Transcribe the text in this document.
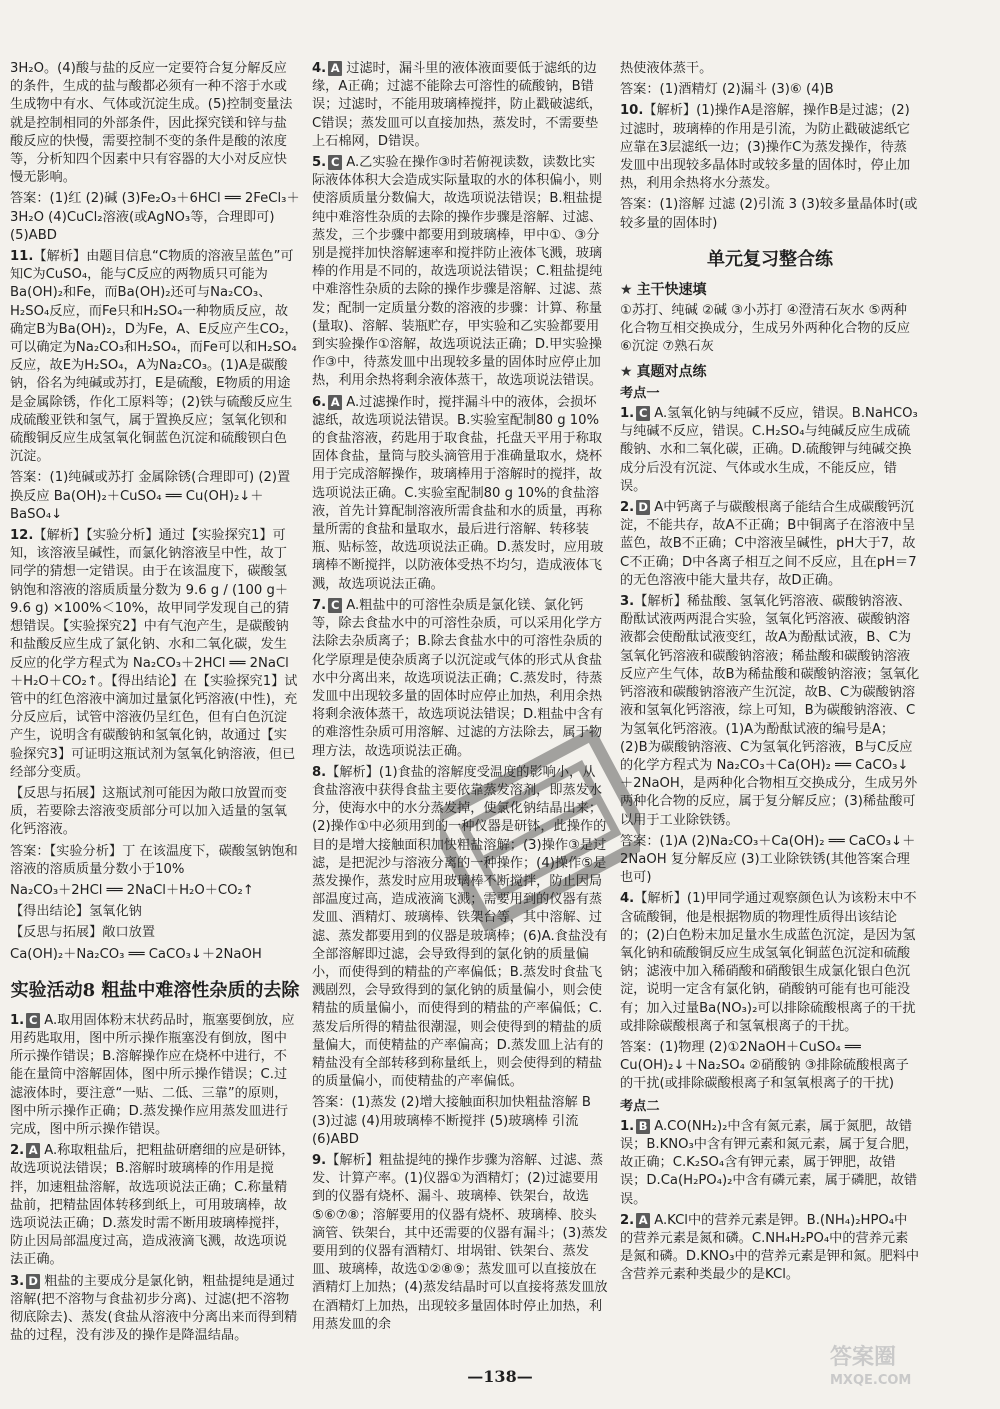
3H₂O。(4)酸与盐的反应一定要符合复分解反应的条件，生成的盐与酸都必须有一种不溶于水或生成物中有水、气体或沉淀生成。(5)控制变量法就是控制相同的外部条件，因此探究镁和锌与盐酸反应的快慢，需要控制不变的条件是酸的浓度等，分析知四个因素中只有容器的大小对反应快慢无影响。
答案：(1)红 (2)碱 (3)Fe₂O₃＋6HCl ══ 2FeCl₃＋3H₂O (4)CuCl₂溶液(或AgNO₃等，合理即可) (5)ABD
11.【解析】由题目信息“C物质的溶液呈蓝色”可知C为CuSO₄，能与C反应的两物质只可能为Ba(OH)₂和Fe，而Ba(OH)₂还可与Na₂CO₃、H₂SO₄反应，而Fe只和H₂SO₄一种物质反应，故确定B为Ba(OH)₂，D为Fe，A、E反应产生CO₂，可以确定为Na₂CO₃和H₂SO₄，而Fe可以和H₂SO₄反应，故E为H₂SO₄，A为Na₂CO₃。(1)A是碳酸钠，俗名为纯碱或苏打，E是硫酸，E物质的用途是金属除锈，作化工原料等；(2)铁与硫酸反应生成硫酸亚铁和氢气，属于置换反应；氢氧化钡和硫酸铜反应生成氢氧化铜蓝色沉淀和硫酸钡白色沉淀。
答案：(1)纯碱或苏打 金属除锈(合理即可) (2)置换反应 Ba(OH)₂＋CuSO₄ ══ Cu(OH)₂↓＋BaSO₄↓
12.【解析】【实验分析】通过【实验探究1】可知，该溶液呈碱性，而氯化钠溶液呈中性，故丁同学的猜想一定错误。由于在该温度下，碳酸氢钠饱和溶液的溶质质量分数为 9.6 g / (100 g＋9.6 g) ×100%＜10%，故甲同学发现自己的猜想错误。【实验探究2】中有气泡产生，是碳酸钠和盐酸反应生成了氯化钠、水和二氧化碳，发生反应的化学方程式为 Na₂CO₃＋2HCl ══ 2NaCl＋H₂O＋CO₂↑。【得出结论】在【实验探究1】试管中的红色溶液中滴加过量氯化钙溶液(中性)，充分反应后，试管中溶液仍呈红色，但有白色沉淀产生，说明含有碳酸钠和氢氧化钠，故通过【实验探究3】可证明这瓶试剂为氢氧化钠溶液，但已经部分变质。
【反思与拓展】这瓶试剂可能因为敞口放置而变质，若要除去溶液变质部分可以加入适量的氢氧化钙溶液。
答案：【实验分析】丁 在该温度下，碳酸氢钠饱和溶液的溶质质量分数小于10%
Na₂CO₃＋2HCl ══ 2NaCl＋H₂O＋CO₂↑
【得出结论】氢氧化钠
【反思与拓展】敞口放置
Ca(OH)₂＋Na₂CO₃ ══ CaCO₃↓＋2NaOH
实验活动8 粗盐中难溶性杂质的去除
1. C A.取用固体粉末状药品时，瓶塞要倒放，应用药匙取用，图中所示操作瓶塞没有倒放，图中所示操作错误；B.溶解操作应在烧杯中进行，不能在量筒中溶解固体，图中所示操作错误；C.过滤液体时，要注意“一贴、二低、三靠”的原则，图中所示操作正确；D.蒸发操作应用蒸发皿进行完成，图中所示操作错误。
2. A A.称取粗盐后，把粗盐研磨细的应是研钵，故选项说法错误；B.溶解时玻璃棒的作用是搅拌，加速粗盐溶解，故选项说法正确；C.称量精盐前，把精盐固体转移到纸上，可用玻璃棒，故选项说法正确；D.蒸发时需不断用玻璃棒搅拌，防止因局部温度过高，造成液滴飞溅，故选项说法正确。
3. D 粗盐的主要成分是氯化钠，粗盐提纯是通过溶解(把不溶物与食盐初步分离)、过滤(把不溶物彻底除去)、蒸发(食盐从溶液中分离出来而得到精盐的过程，没有涉及的操作是降温结晶。
4. A 过滤时，漏斗里的液体液面要低于滤纸的边缘，A正确；过滤不能除去可溶性的硫酸钠，B错误；过滤时，不能用玻璃棒搅拌，防止戳破滤纸，C错误；蒸发皿可以直接加热，蒸发时，不需要垫上石棉网，D错误。
5. C A.乙实验在操作③时若俯视读数，读数比实际液体体积大会造成实际量取的水的体积偏小，则使溶质质量分数偏大，故选项说法错误；B.粗盐提纯中难溶性杂质的去除的操作步骤是溶解、过滤、蒸发，三个步骤中都要用到玻璃棒，甲中①、③分别是搅拌加快溶解速率和搅拌防止液体飞溅，玻璃棒的作用是不同的，故选项说法错误；C.粗盐提纯中难溶性杂质的去除的操作步骤是溶解、过滤、蒸发；配制一定质量分数的溶液的步骤：计算、称量(量取)、溶解、装瓶贮存，甲实验和乙实验都要用到实验操作①溶解，故选项说法正确；D.甲实验操作③中，待蒸发皿中出现较多量的固体时应停止加热，利用余热将剩余液体蒸干，故选项说法错误。
6. A A.过滤操作时，搅拌漏斗中的液体，会损坏滤纸，故选项说法错误。B.实验室配制80 g 10%的食盐溶液，药匙用于取食盐，托盘天平用于称取固体食盐，量筒与胶头滴管用于准确量取水，烧杯用于完成溶解操作，玻璃棒用于溶解时的搅拌，故选项说法正确。C.实验室配制80 g 10%的食盐溶液，首先计算配制溶液所需食盐和水的质量，再称量所需的食盐和量取水，最后进行溶解、转移装瓶、贴标签，故选项说法正确。D.蒸发时，应用玻璃棒不断搅拌，以防液体受热不均匀，造成液体飞溅，故选项说法正确。
7. C A.粗盐中的可溶性杂质是氯化镁、氯化钙等，除去食盐水中的可溶性杂质，可以采用化学方法除去杂质离子；B.除去食盐水中的可溶性杂质的化学原理是使杂质离子以沉淀或气体的形式从食盐水中分离出来，故选项说法正确；C.蒸发时，待蒸发皿中出现较多量的固体时应停止加热，利用余热将剩余液体蒸干，故选项说法错误；D.粗盐中含有的难溶性杂质可用溶解、过滤的方法除去，属于物理方法，故选项说法正确。
8.【解析】(1)食盐的溶解度受温度的影响小，从食盐溶液中获得食盐主要依靠蒸发溶剂，即蒸发水分，使海水中的水分蒸发掉，使氯化钠结晶出来；(2)操作①中必须用到的一种仪器是研钵，此操作的目的是增大接触面积加快粗盐溶解；(3)操作③是过滤，是把泥沙与溶液分离的一种操作；(4)操作⑤是蒸发操作，蒸发时应用玻璃棒不断搅拌，防止因局部温度过高，造成液滴飞溅；需要用到的仪器有蒸发皿、酒精灯、玻璃棒、铁架台等，其中溶解、过滤、蒸发都要用到的仪器是玻璃棒；(6)A.食盐没有全部溶解即过滤，会导致得到的氯化钠的质量偏小，而使得到的精盐的产率偏低；B.蒸发时食盐飞溅剧烈，会导致得到的氯化钠的质量偏小，则会使精盐的质量偏小，而使得到的精盐的产率偏低；C.蒸发后所得的精盐很潮湿，则会使得到的精盐的质量偏大，而使精盐的产率偏高；D.蒸发皿上沾有的精盐没有全部转移到称量纸上，则会使得到的精盐的质量偏小，而使精盐的产率偏低。
答案：(1)蒸发 (2)增大接触面积加快粗盐溶解 B (3)过滤 (4)用玻璃棒不断搅拌 (5)玻璃棒 引流 (6)ABD
9.【解析】粗盐提纯的操作步骤为溶解、过滤、蒸发、计算产率。(1)仪器①为酒精灯；(2)过滤要用到的仪器有烧杯、漏斗、玻璃棒、铁架台，故选⑤⑥⑦⑧；溶解要用的仪器有烧杯、玻璃棒、胶头滴管、铁架台，其中还需要的仪器有漏斗；(3)蒸发要用到的仪器有酒精灯、坩埚钳、铁架台、蒸发皿、玻璃棒，故选①②⑧⑨；蒸发皿可以直接放在酒精灯上加热；(4)蒸发结晶时可以直接将蒸发皿放在酒精灯上加热，出现较多量固体时停止加热，利用蒸发皿的余
热使液体蒸干。
答案：(1)酒精灯 (2)漏斗 (3)⑥ (4)B
10.【解析】(1)操作A是溶解，操作B是过滤；(2)过滤时，玻璃棒的作用是引流，为防止戳破滤纸它应靠在3层滤纸一边；(3)操作C为蒸发操作，待蒸发皿中出现较多晶体时或较多量的固体时，停止加热，利用余热将水分蒸发。
答案：(1)溶解 过滤 (2)引流 3 (3)较多量晶体时(或较多量的固体时)
单元复习整合练
★ 主干快速填
①苏打、纯碱 ②碱 ③小苏打 ④澄清石灰水 ⑤两种化合物互相交换成分，生成另外两种化合物的反应 ⑥沉淀 ⑦熟石灰
★ 真题对点练
考点一
1. C A.氢氧化钠与纯碱不反应，错误。B.NaHCO₃与纯碱不反应，错误。C.H₂SO₄与纯碱反应生成硫酸钠、水和二氧化碳，正确。D.硫酸钾与纯碱交换成分后没有沉淀、气体或水生成，不能反应，错误。
2. D A中钙离子与碳酸根离子能结合生成碳酸钙沉淀，不能共存，故A不正确；B中铜离子在溶液中呈蓝色，故B不正确；C中溶液呈碱性，pH大于7，故C不正确；D中各离子相互之间不反应，且在pH＝7的无色溶液中能大量共存，故D正确。
3.【解析】稀盐酸、氢氧化钙溶液、碳酸钠溶液、酚酞试液两两混合实验，氢氧化钙溶液、碳酸钠溶液都会使酚酞试液变红，故A为酚酞试液，B、C为氢氧化钙溶液和碳酸钠溶液；稀盐酸和碳酸钠溶液反应产生气体，故B为稀盐酸和碳酸钠溶液；氢氧化钙溶液和碳酸钠溶液产生沉淀，故B、C为碳酸钠溶液和氢氧化钙溶液，综上可知，B为碳酸钠溶液、C为氢氧化钙溶液。(1)A为酚酞试液的编号是A；(2)B为碳酸钠溶液、C为氢氧化钙溶液，B与C反应的化学方程式为 Na₂CO₃＋Ca(OH)₂ ══ CaCO₃↓＋2NaOH，是两种化合物相互交换成分，生成另外两种化合物的反应，属于复分解反应；(3)稀盐酸可以用于工业除铁锈。
答案：(1)A (2)Na₂CO₃＋Ca(OH)₂ ══ CaCO₃↓＋2NaOH 复分解反应 (3)工业除铁锈(其他答案合理也可)
4.【解析】(1)甲同学通过观察颜色认为该粉末中不含硫酸铜，他是根据物质的物理性质得出该结论的；(2)白色粉末加足量水生成蓝色沉淀，是因为氢氧化钠和硫酸铜反应生成氢氧化铜蓝色沉淀和硫酸钠；滤液中加入稀硝酸和硝酸银生成氯化银白色沉淀，说明一定含有氯化钠，硝酸钠可能有也可能没有；加入过量Ba(NO₃)₂可以排除硫酸根离子的干扰或排除碳酸根离子和氢氧根离子的干扰。
答案：(1)物理 (2)①2NaOH＋CuSO₄ ══ Cu(OH)₂↓＋Na₂SO₄ ②硝酸钠 ③排除硫酸根离子的干扰(或排除碳酸根离子和氢氧根离子的干扰)
考点二
1. B A.CO(NH₂)₂中含有氮元素，属于氮肥，故错误；B.KNO₃中含有钾元素和氮元素，属于复合肥，故正确；C.K₂SO₄含有钾元素，属于钾肥，故错误；D.Ca(H₂PO₄)₂中含有磷元素，属于磷肥，故错误。
2. A A.KCl中的营养元素是钾。B.(NH₄)₂HPO₄中的营养元素是氮和磷。C.NH₄H₂PO₄中的营养元素是氮和磷。D.KNO₃中的营养元素是钾和氮。肥料中含营养元素种类最少的是KCl。
—138—
答案圈
MXQE.COM
